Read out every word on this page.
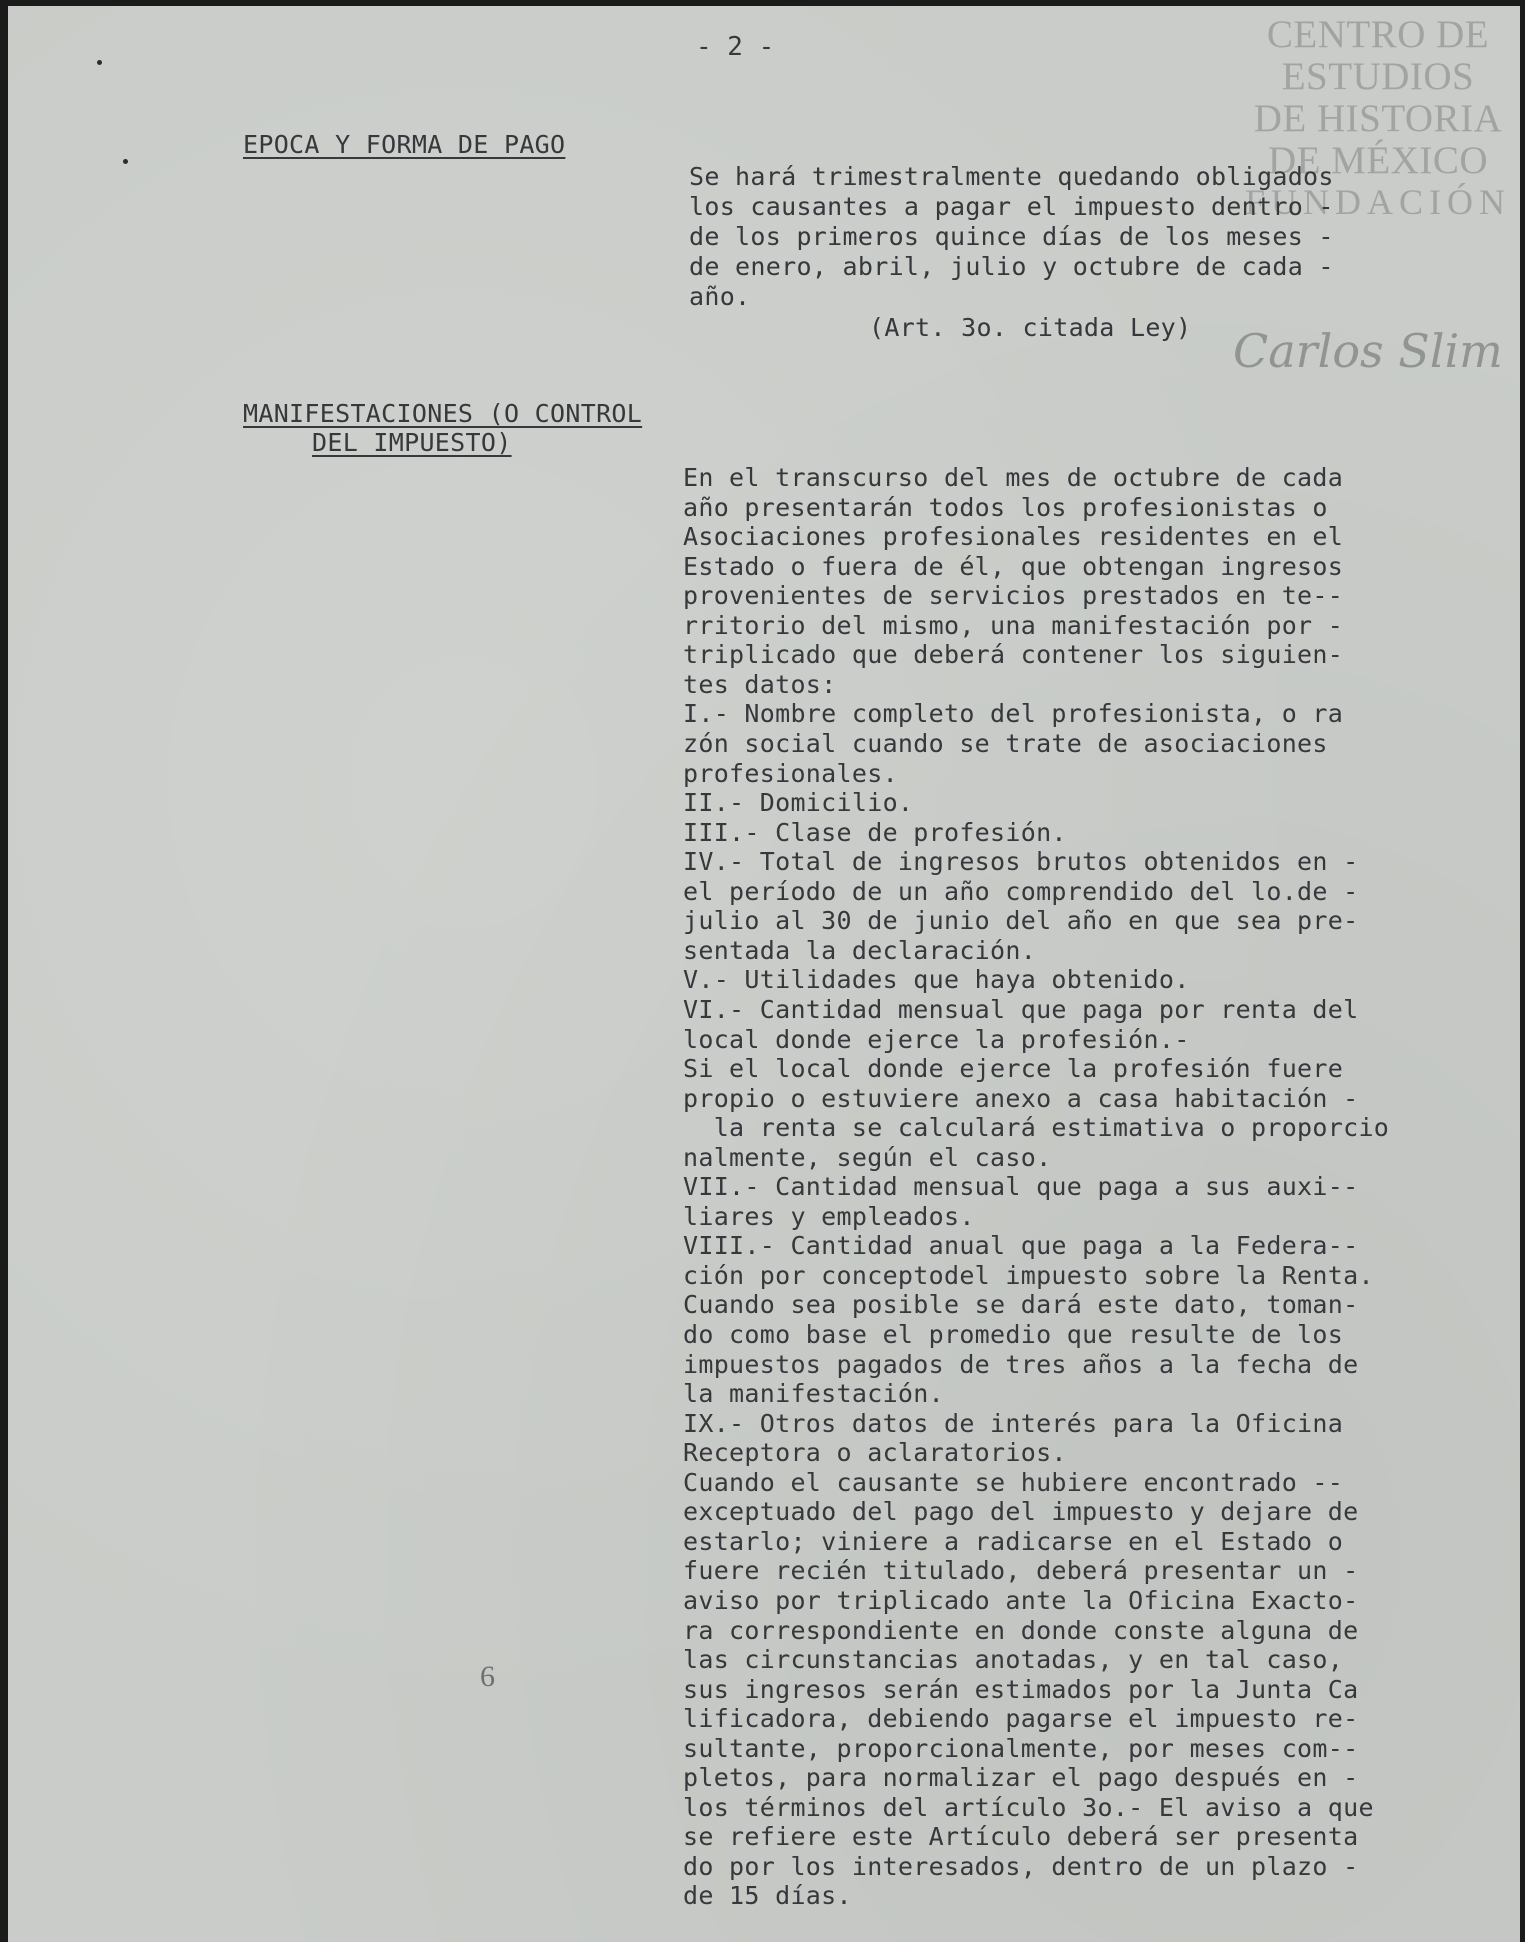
- 2 -	CENTRO DE
ESTUDIOS
DE HISTORIA
DE MÉXICO
FUNDACIÓN
Carlos Slim
EPOCA Y FORMA DE PAGO
Se hará trimestralmente quedando obligados
los causantes a pagar el impuesto dentro -
de los primeros quince días de los meses -
de enero, abril, julio y octubre de cada -
año.
(Art. 3o. citada Ley)
MANIFESTACIONES (O CONTROL
DEL IMPUESTO)
En el transcurso del mes de octubre de cada
año presentarán todos los profesionistas o
Asociaciones profesionales residentes en el
Estado o fuera de él, que obtengan ingresos
provenientes de servicios prestados en te--
rritorio del mismo, una manifestación por -
triplicado que deberá contener los siguien-
tes datos:
I.- Nombre completo del profesionista, o ra
zón social cuando se trate de asociaciones
profesionales.
II.- Domicilio.
III.- Clase de profesión.
IV.- Total de ingresos brutos obtenidos en -
el período de un año comprendido del lo.de -
julio al 30 de junio del año en que sea pre-
sentada la declaración.
V.- Utilidades que haya obtenido.
VI.- Cantidad mensual que paga por renta del
local donde ejerce la profesión.-
Si el local donde ejerce la profesión fuere
propio o estuviere anexo a casa habitación -
la renta se calculará estimativa o proporcio
nalmente, según el caso.
VII.- Cantidad mensual que paga a sus auxi--
liares y empleados.
VIII.- Cantidad anual que paga a la Federa--
ción por conceptodel impuesto sobre la Renta.
Cuando sea posible se dará este dato, toman-
do como base el promedio que resulte de los
impuestos pagados de tres años a la fecha de
la manifestación.
IX.- Otros datos de interés para la Oficina
Receptora o aclaratorios.
Cuando el causante se hubiere encontrado --
exceptuado del pago del impuesto y dejare de
estarlo; viniere a radicarse en el Estado o
fuere recién titulado, deberá presentar un -
aviso por triplicado ante la Oficina Exacto-
ra correspondiente en donde conste alguna de
las circunstancias anotadas, y en tal caso,
sus ingresos serán estimados por la Junta Ca
lificadora, debiendo pagarse el impuesto re-
sultante, proporcionalmente, por meses com--
pletos, para normalizar el pago después en -
los términos del artículo 3o.- El aviso a que
se refiere este Artículo deberá ser presenta
do por los interesados, dentro de un plazo -
de 15 días.
6
